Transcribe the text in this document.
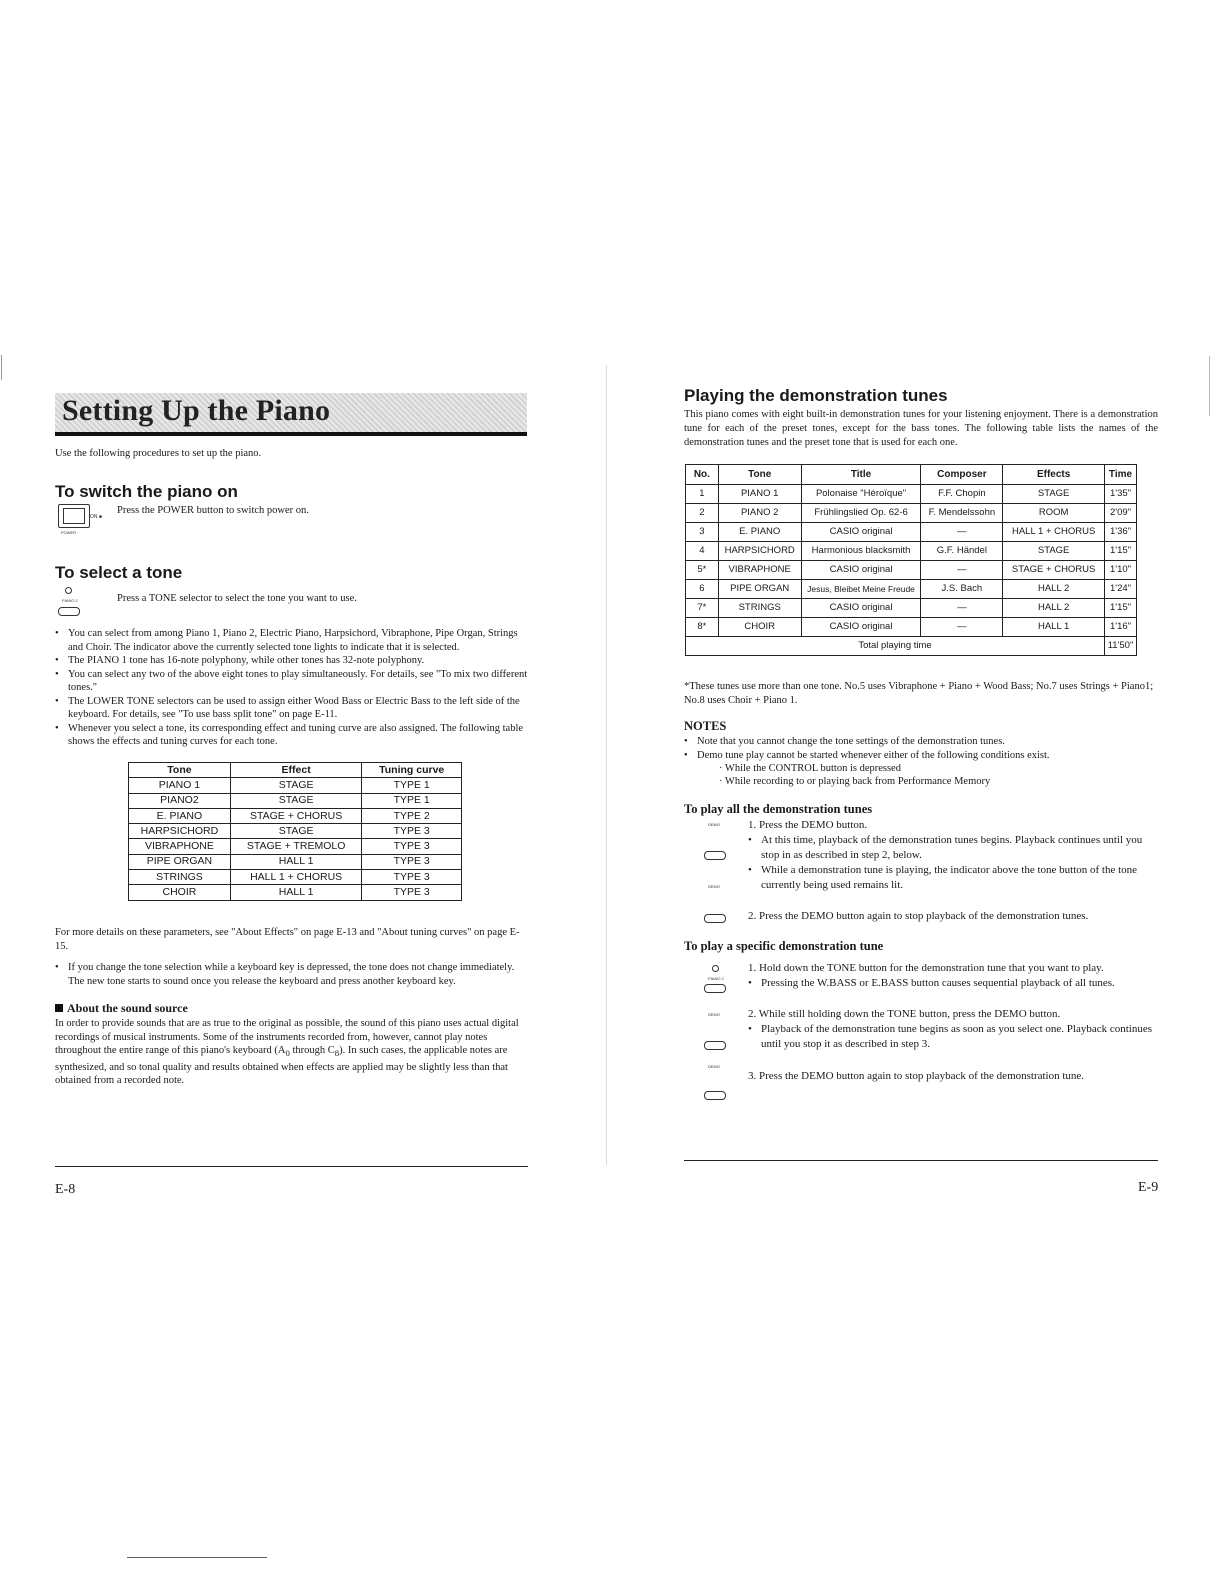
Setting Up the Piano
Use the following procedures to set up the piano.
To switch the piano on
ON ■
POWER
Press the POWER button to switch power on.
To select a tone
PIANO 2	Press a TONE selector to select the tone you want to use.
• You can select from among Piano 1, Piano 2, Electric Piano, Harpsichord, Vibraphone, Pipe Organ, Strings and Choir. The indicator above the currently selected tone lights to indicate that it is selected.
• The PIANO 1 tone has 16-note polyphony, while other tones has 32-note polyphony.
• You can select any two of the above eight tones to play simultaneously. For details, see "To mix two different tones."
• The LOWER TONE selectors can be used to assign either Wood Bass or Electric Bass to the left side of the keyboard. For details, see "To use bass split tone" on page E-11.
• Whenever you select a tone, its corresponding effect and tuning curve are also assigned. The following table shows the effects and tuning curves for each tone.
Tone	Effect	Tuning curve
PIANO 1	STAGE	TYPE 1
PIANO2	STAGE	TYPE 1
E. PIANO	STAGE + CHORUS	TYPE 2
HARPSICHORD	STAGE	TYPE 3
VIBRAPHONE	STAGE + TREMOLO	TYPE 3
PIPE ORGAN	HALL 1	TYPE 3
STRINGS	HALL 1 + CHORUS	TYPE 3
CHOIR	HALL 1	TYPE 3
For more details on these parameters, see "About Effects" on page E-13 and "About tuning curves" on page E-15.
• If you change the tone selection while a keyboard key is depressed, the tone does not change immediately. The new tone starts to sound once you release the keyboard and press another keyboard key.
About the sound source
In order to provide sounds that are as true to the original as possible, the sound of this piano uses actual digital recordings of musical instruments. Some of the instruments recorded from, however, cannot play notes throughout the entire range of this piano's keyboard ($A_0$ through $C_8$). In such cases, the applicable notes are synthesized, and so tonal quality and results obtained when effects are applied may be slightly less than that obtained from a recorded note.
E-8
Playing the demonstration tunes
This piano comes with eight built-in demonstration tunes for your listening enjoyment. There is a demonstration tune for each of the preset tones, except for the bass tones. The following table lists the names of the demonstration tunes and the preset tone that is used for each one.
No.	Tone	Title	Composer	Effects	Time
1	PIANO 1	Polonaise "Héroïque"	F.F. Chopin	STAGE	1'35"
2	PIANO 2	Frühlingslied Op. 62-6	F. Mendelssohn	ROOM	2'09"
3	E. PIANO	CASIO original	—	HALL 1 + CHORUS	1'36"
4	HARPSICHORD	Harmonious blacksmith	G.F. Händel	STAGE	1'15"
5*	VIBRAPHONE	CASIO original	—	STAGE + CHORUS	1'10"
6	PIPE ORGAN	Jesus, Bleibet Meine Freude	J.S. Bach	HALL 2	1'24"
7*	STRINGS	CASIO original	—	HALL 2	1'15"
8*	CHOIR	CASIO original	—	HALL 1	1'16"
Total playing time					11'50"
*These tunes use more than one tone. No.5 uses Vibraphone + Piano + Wood Bass; No.7 uses Strings + Piano1; No.8 uses Choir + Piano 1.
NOTES
• Note that you cannot change the tone settings of the demonstration tunes.
• Demo tune play cannot be started whenever either of the following conditions exist.
· While the CONTROL button is depressed
· While recording to or playing back from Performance Memory
To play all the demonstration tunes
DEMO
DEMO
1. Press the DEMO button.
• At this time, playback of the demonstration tunes begins. Playback continues until you stop in as described in step 2, below.
• While a demonstration tune is playing, the indicator above the tone button of the tone currently being used remains lit.
2. Press the DEMO button again to stop playback of the demonstration tunes.
To play a specific demonstration tune
PIANO 2
DEMO
DEMO
1. Hold down the TONE button for the demonstration tune that you want to play.
• Pressing the W.BASS or E.BASS button causes sequential playback of all tunes.
2. While still holding down the TONE button, press the DEMO button.
• Playback of the demonstration tune begins as soon as you select one. Playback continues until you stop it as described in step 3.
3. Press the DEMO button again to stop playback of the demonstration tune.
E-9
